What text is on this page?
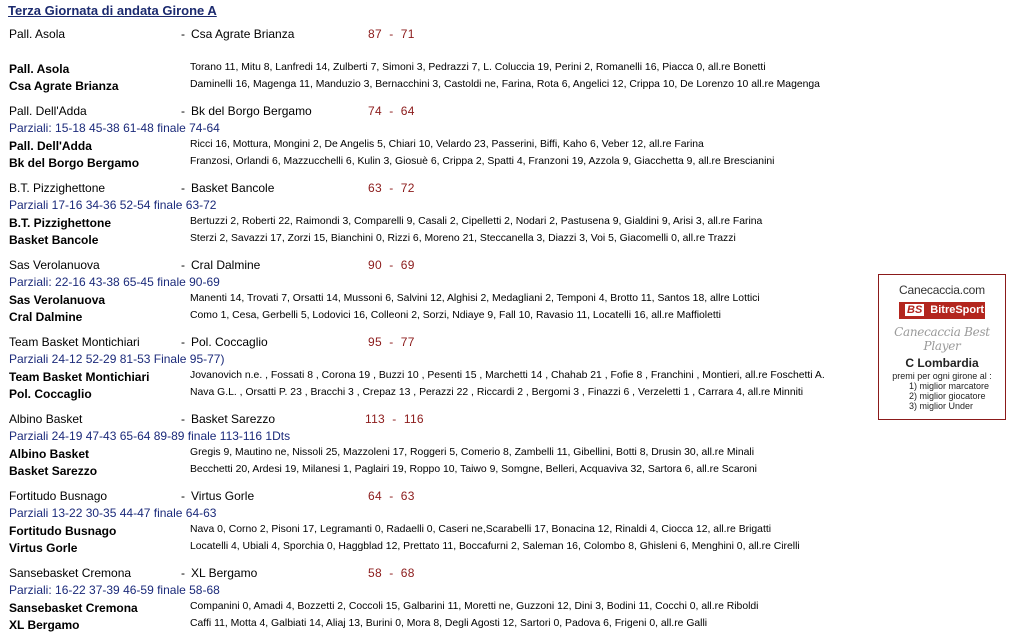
Terza Giornata di andata Girone A
Pall. Asola	- Csa Agrate Brianza	87  -  71
Pall. Asola	Torano 11, Mitu 8, Lanfredi 14, Zulberti 7, Simoni 3, Pedrazzi 7, L. Coluccia 19, Perini 2, Romanelli 16, Piacca 0, all.re Bonetti
Csa Agrate Brianza	Daminelli 16, Magenga 11, Manduzio 3, Bernacchini 3, Castoldi ne, Farina, Rota 6, Angelici 12, Crippa 10, De Lorenzo 10 all.re Magenga
Pall. Dell'Adda	- Bk del Borgo Bergamo	74  -  64
Parziali: 15-18 45-38 61-48 finale 74-64
Pall. Dell'Adda	Ricci 16, Mottura, Mongini 2, De Angelis 5, Chiari 10, Velardo 23, Passerini, Biffi, Kaho 6, Veber 12, all.re Farina
Bk del Borgo Bergamo	Franzosi, Orlandi 6, Mazzucchelli 6, Kulin 3, Giosuè 6, Crippa 2, Spatti 4, Franzoni 19, Azzola 9, Giacchetta 9, all.re Brescianini
B.T. Pizzighettone	- Basket Bancole	63  -  72
Parziali 17-16 34-36 52-54 finale 63-72
B.T. Pizzighettone	Bertuzzi 2, Roberti 22, Raimondi 3, Comparelli 9, Casali 2, Cipelletti 2, Nodari 2, Pastusena 9, Gialdini 9, Arisi 3, all.re Farina
Basket Bancole	Sterzi 2, Savazzi 17, Zorzi 15, Bianchini 0, Rizzi 6, Moreno 21, Steccanella 3, Diazzi 3, Voi 5, Giacomelli 0, all.re Trazzi
Sas Verolanuova	- Cral Dalmine	90  -  69
Parziali: 22-16 43-38 65-45 finale 90-69
Sas Verolanuova	Manenti 14, Trovati 7, Orsatti 14, Mussoni 6, Salvini 12, Alghisi 2, Medagliani 2, Temponi 4, Brotto 11, Santos 18, allre Lottici
Cral Dalmine	Como 1, Cesa, Gerbelli 5, Lodovici 16, Colleoni 2, Sorzi, Ndiaye 9, Fall 10, Ravasio 11, Locatelli 16, all.re Maffioletti
Team Basket Montichiari	- Pol. Coccaglio	95  -  77
Parziali 24-12 52-29 81-53 Finale 95-77)
Team Basket Montichiari	Jovanovich n.e. , Fossati 8 , Corona 19 , Buzzi 10 , Pesenti 15 , Marchetti 14 , Chahab 21 , Fofie 8 , Franchini , Montieri, all.re Foschetti A.
Pol. Coccaglio	Nava G.L. , Orsatti P. 23 , Bracchi 3 , Crepaz 13 , Perazzi 22 , Riccardi 2 , Bergomi 3 , Finazzi 6 , Verzeletti 1 , Carrara 4, all.re Minniti
Albino Basket	- Basket Sarezzo	113  -  116
Parziali 24-19 47-43 65-64 89-89 finale 113-116 1Dts
Albino Basket	Gregis 9, Mautino ne, Nissoli 25, Mazzoleni 17, Roggeri 5, Comerio 8, Zambelli 11, Gibellini, Botti 8, Drusin 30, all.re Minali
Basket Sarezzo	Becchetti 20, Ardesi 19, Milanesi 1, Paglairi 19, Roppo 10, Taiwo 9, Somgne, Belleri, Acquaviva 32, Sartora 6, all.re Scaroni
Fortitudo Busnago	- Virtus Gorle	64  -  63
Parziali 13-22 30-35 44-47 finale 64-63
Fortitudo Busnago	Nava 0, Corno 2, Pisoni 17, Legramanti 0, Radaelli 0, Caseri ne,Scarabelli 17, Bonacina 12, Rinaldi 4, Ciocca 12, all.re Brigatti
Virtus Gorle	Locatelli 4, Ubiali 4, Sporchia 0, Haggblad 12, Prettato 11, Boccafurni 2, Saleman 16, Colombo 8, Ghisleni 6, Menghini 0, all.re Cirelli
Sansebasket Cremona	- XL Bergamo	58  -  68
Parziali: 16-22 37-39 46-59 finale 58-68
Sansebasket Cremona	Companini 0, Amadi 4, Bozzetti 2, Coccoli 15, Galbarini 11, Moretti ne, Guzzoni 12, Dini 3, Bodini 11, Cocchi 0, all.re Riboldi
XL Bergamo	Caffi 11, Motta 4, Galbiati 14, Aliaj 13, Burini 0, Mora 8, Degli Agosti 12, Sartori 0, Padova 6, Frigeni 0, all.re Galli
Canecaccia.com
BS BitreSport
Canecaccia Best Player
C Lombardia
premi per ogni girone al :
1) miglior marcatore
2) miglior giocatore
3) miglior Under
